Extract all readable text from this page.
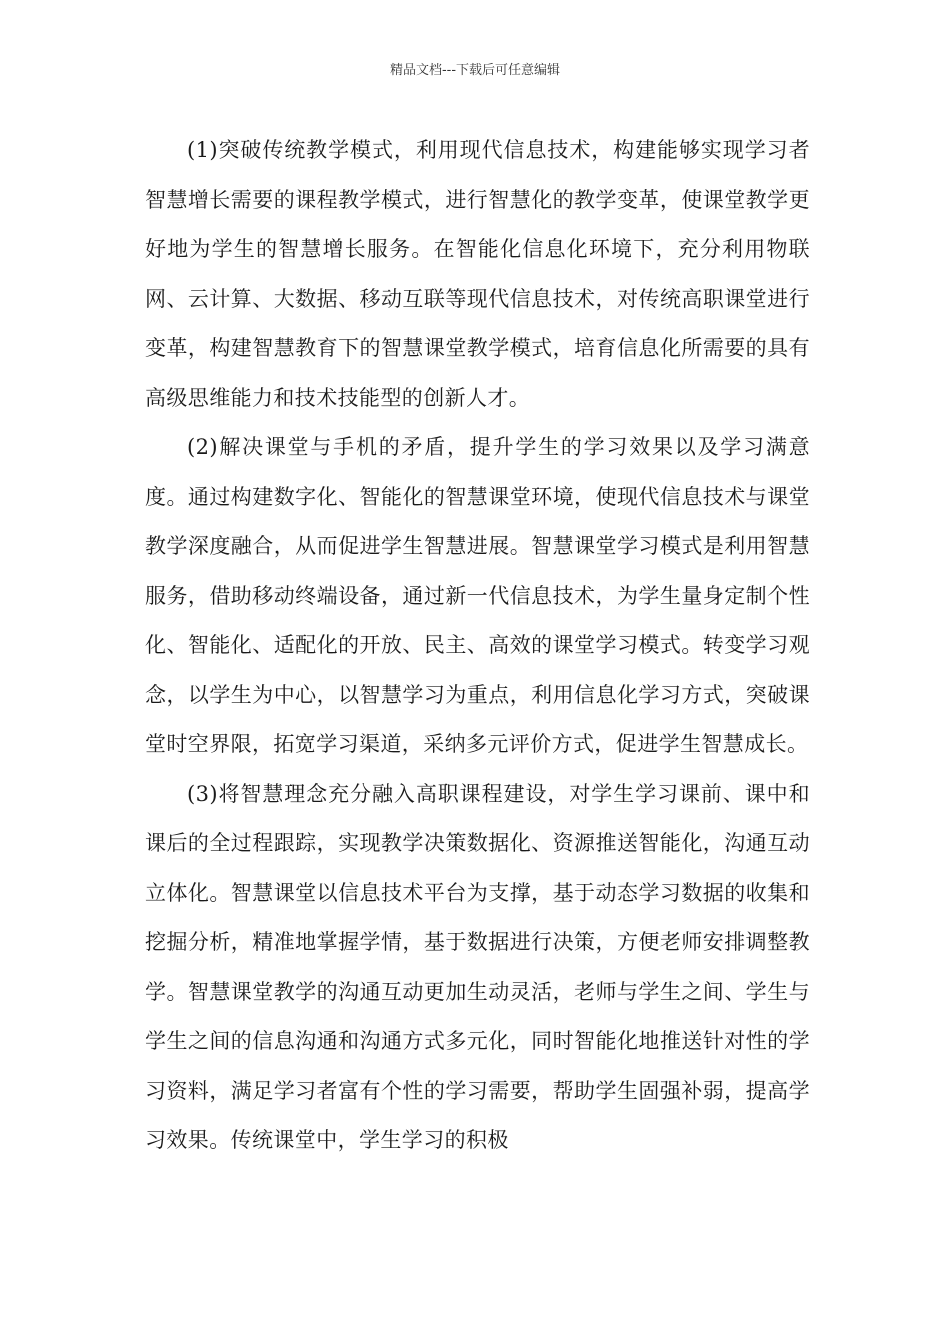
精品文档---下载后可任意编辑

(1)突破传统教学模式，利用现代信息技术，构建能够实现学习者智慧增长需要的课程教学模式，进行智慧化的教学变革，使课堂教学更好地为学生的智慧增长服务。在智能化信息化环境下，充分利用物联网、云计算、大数据、移动互联等现代信息技术，对传统高职课堂进行变革，构建智慧教育下的智慧课堂教学模式，培育信息化所需要的具有高级思维能力和技术技能型的创新人才。

(2)解决课堂与手机的矛盾，提升学生的学习效果以及学习满意度。通过构建数字化、智能化的智慧课堂环境，使现代信息技术与课堂教学深度融合，从而促进学生智慧进展。智慧课堂学习模式是利用智慧服务，借助移动终端设备，通过新一代信息技术，为学生量身定制个性化、智能化、适配化的开放、民主、高效的课堂学习模式。转变学习观念，以学生为中心，以智慧学习为重点，利用信息化学习方式，突破课堂时空界限，拓宽学习渠道，采纳多元评价方式，促进学生智慧成长。

(3)将智慧理念充分融入高职课程建设，对学生学习课前、课中和课后的全过程跟踪，实现教学决策数据化、资源推送智能化，沟通互动立体化。智慧课堂以信息技术平台为支撑，基于动态学习数据的收集和挖掘分析，精准地掌握学情，基于数据进行决策，方便老师安排调整教学。智慧课堂教学的沟通互动更加生动灵活，老师与学生之间、学生与学生之间的信息沟通和沟通方式多元化，同时智能化地推送针对性的学习资料，满足学习者富有个性的学习需要，帮助学生固强补弱，提高学习效果。传统课堂中，学生学习的积极
